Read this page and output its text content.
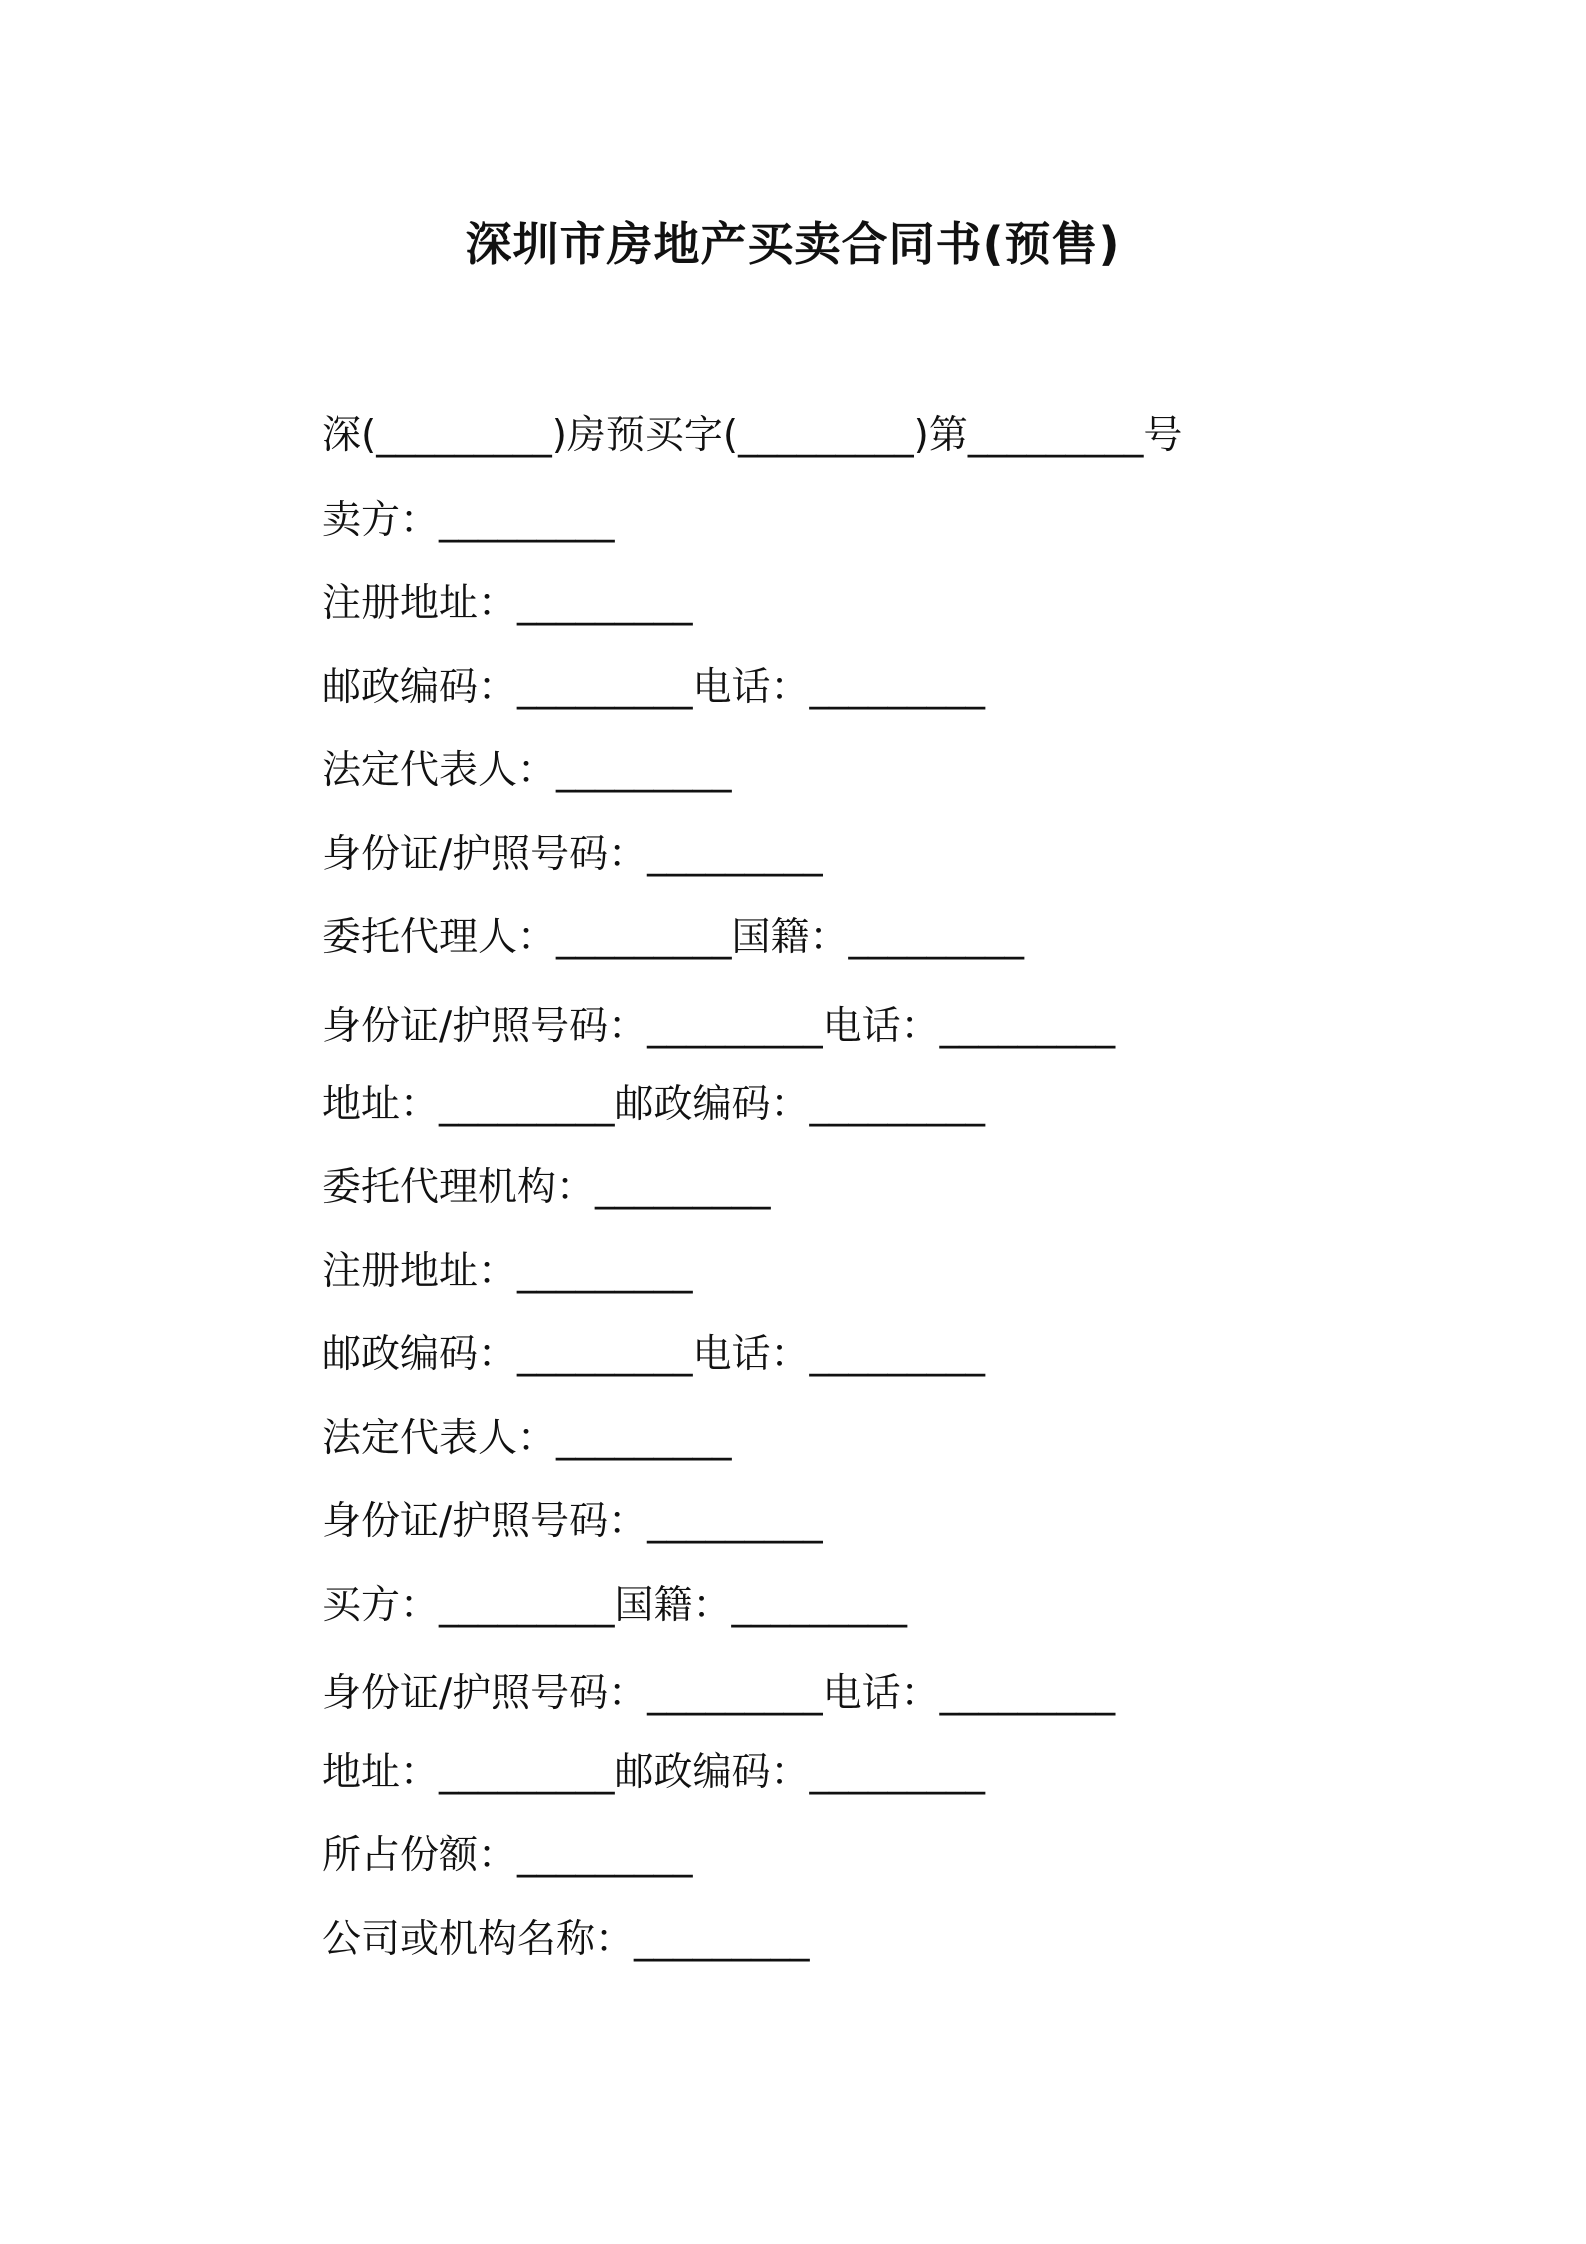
深圳市房地产买卖合同书(预售)
深(_________)房预买字(_________)第_________号
卖方：_________
注册地址：_________
邮政编码：_________电话：_________
法定代表人：_________
身份证/护照号码：_________
委托代理人：_________国籍：_________
身份证/护照号码：_________电话：_________
地址：_________邮政编码：_________
委托代理机构：_________
注册地址：_________
邮政编码：_________电话：_________
法定代表人：_________
身份证/护照号码：_________
买方：_________国籍：_________
身份证/护照号码：_________电话：_________
地址：_________邮政编码：_________
所占份额：_________
公司或机构名称：_________
